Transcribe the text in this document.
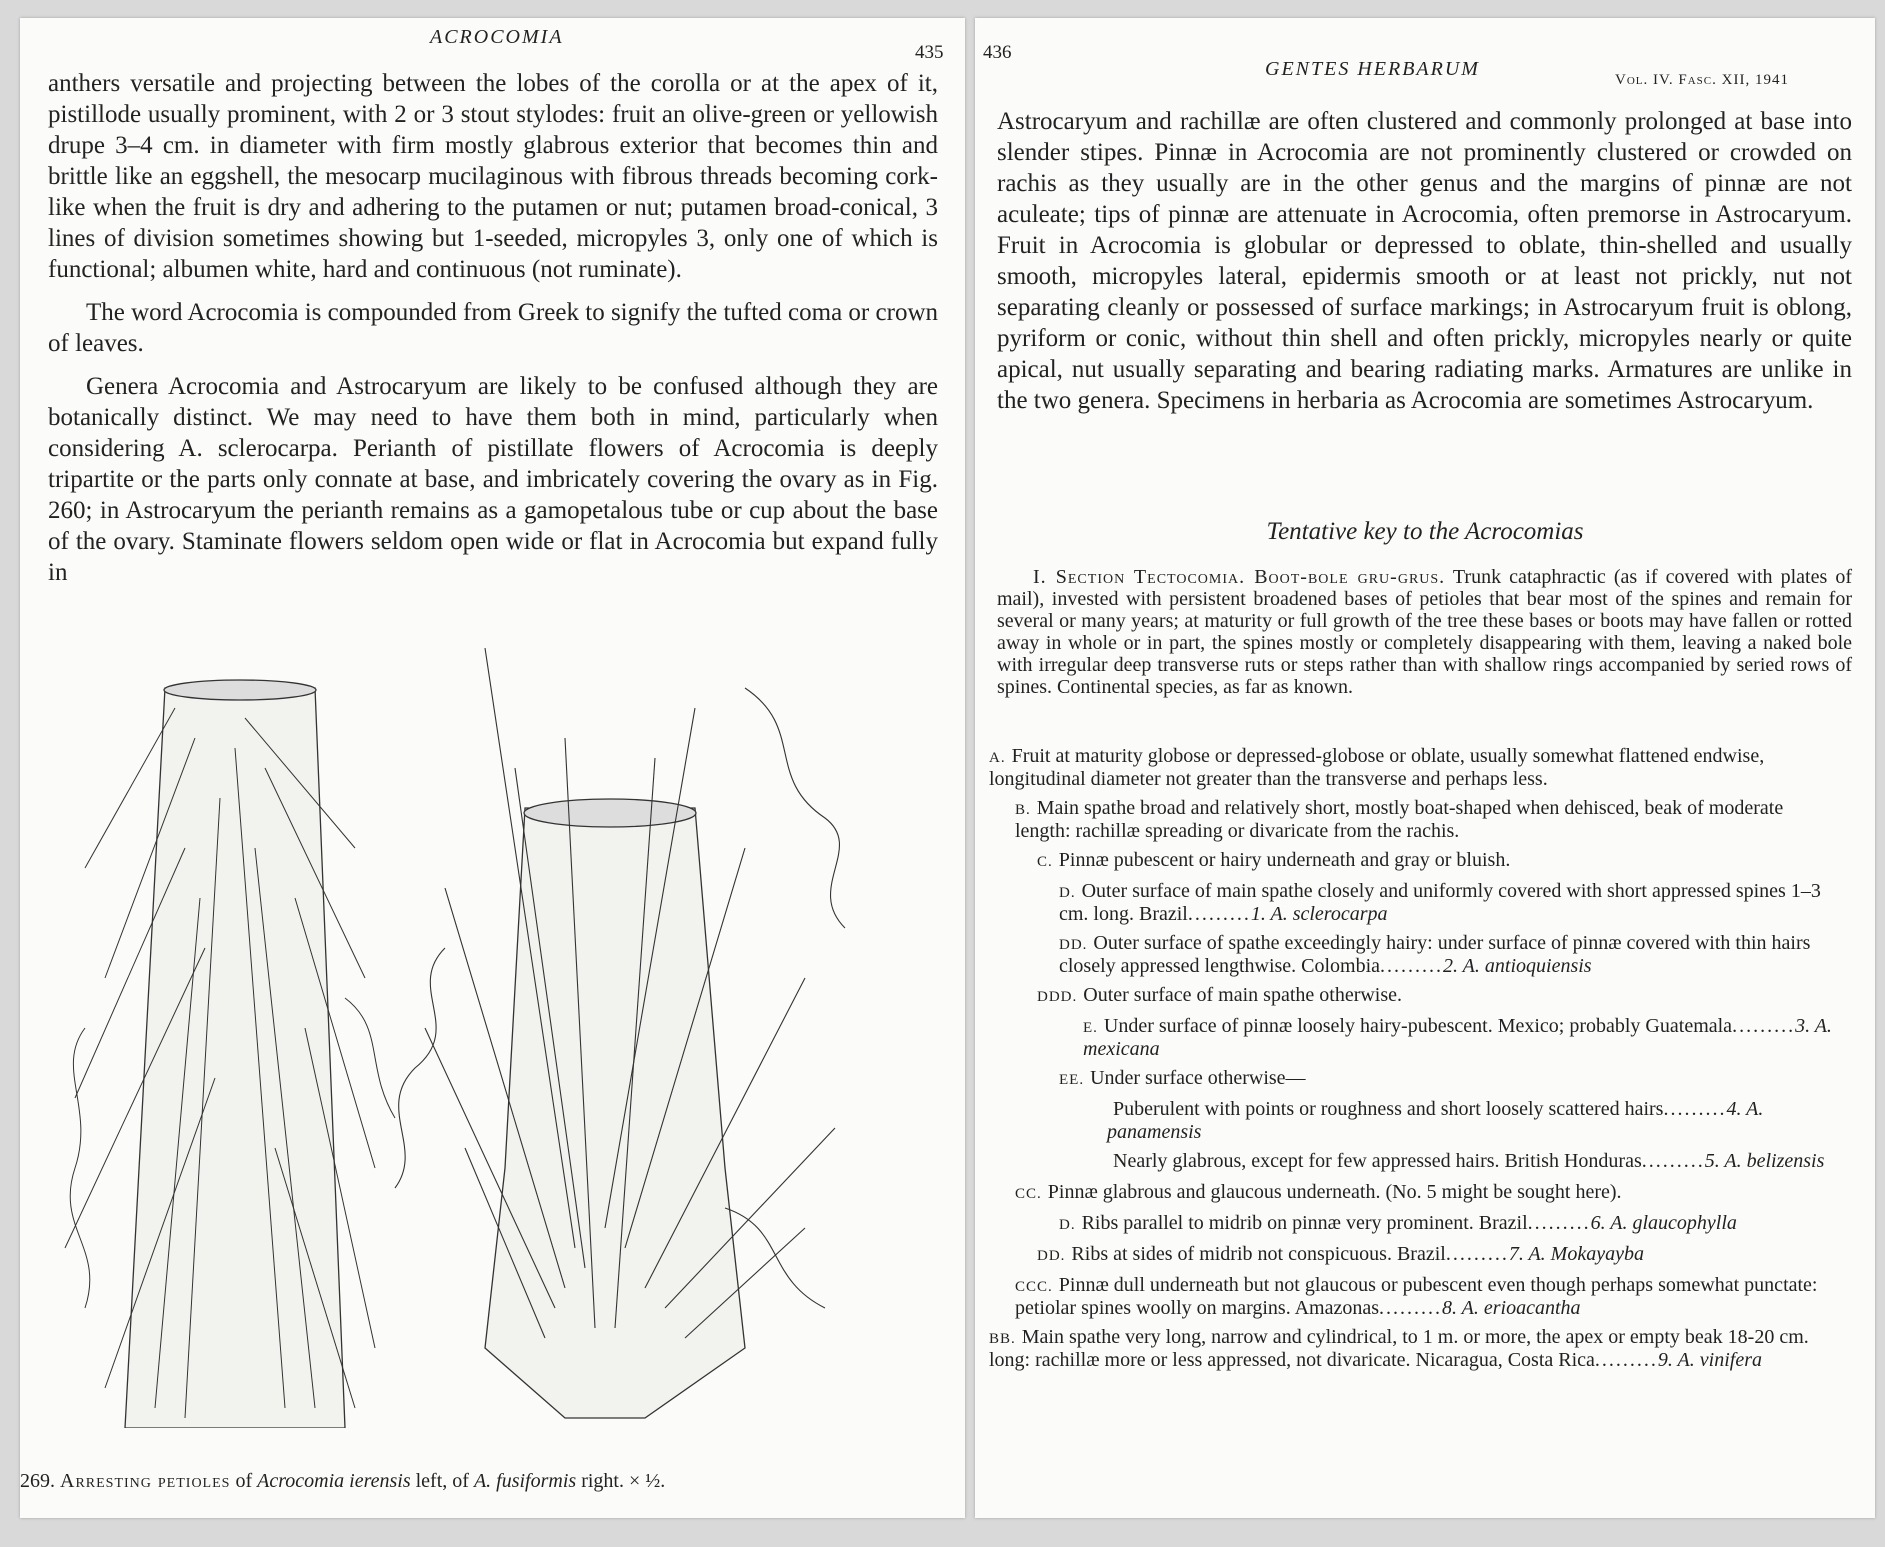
ACROCOMIA
435

anthers versatile and projecting between the lobes of the corolla or at the apex of it, pistillode usually prominent, with 2 or 3 stout stylodes: fruit an olive-green or yellowish drupe 3–4 cm. in diameter with firm mostly glabrous exterior that becomes thin and brittle like an eggshell, the mesocarp mucilaginous with fibrous threads becoming cork-like when the fruit is dry and adhering to the putamen or nut; putamen broad-conical, 3 lines of division sometimes showing but 1-seeded, micropyles 3, only one of which is functional; albumen white, hard and continuous (not ruminate).

The word Acrocomia is compounded from Greek to signify the tufted coma or crown of leaves.

Genera Acrocomia and Astrocaryum are likely to be confused although they are botanically distinct. We may need to have them both in mind, particularly when considering A. sclerocarpa. Perianth of pistillate flowers of Acrocomia is deeply tripartite or the parts only connate at base, and imbricately covering the ovary as in Fig. 260; in Astrocaryum the perianth remains as a gamopetalous tube or cup about the base of the ovary. Staminate flowers seldom open wide or flat in Acrocomia but expand fully in

269. Arresting petioles of Acrocomia ierensis left, of A. fusiformis right. × ½.
436
GENTES HERBARUM	Vol. IV. Fasc. XII, 1941

Astrocaryum and rachillæ are often clustered and commonly prolonged at base into slender stipes. Pinnæ in Acrocomia are not prominently clustered or crowded on rachis as they usually are in the other genus and the margins of pinnæ are not aculeate; tips of pinnæ are attenuate in Acrocomia, often premorse in Astrocaryum. Fruit in Acrocomia is globular or depressed to oblate, thin-shelled and usually smooth, micropyles lateral, epidermis smooth or at least not prickly, nut not separating cleanly or possessed of surface markings; in Astrocaryum fruit is oblong, pyriform or conic, without thin shell and often prickly, micropyles nearly or quite apical, nut usually separating and bearing radiating marks. Armatures are unlike in the two genera. Specimens in herbaria as Acrocomia are sometimes Astrocaryum.

Tentative key to the Acrocomias
I. Section Tectocomia. Boot-bole gru-grus. Trunk cataphractic (as if covered with plates of mail), invested with persistent broadened bases of petioles that bear most of the spines and remain for several or many years; at maturity or full growth of the tree these bases or boots may have fallen or rotted away in whole or in part, the spines mostly or completely disappearing with them, leaving a naked bole with irregular deep transverse ruts or steps rather than with shallow rings accompanied by seried rows of spines. Continental species, as far as known.
A. Fruit at maturity globose or depressed-globose or oblate, usually somewhat flattened endwise, longitudinal diameter not greater than the transverse and perhaps less.
B. Main spathe broad and relatively short, mostly boat-shaped when dehisced, beak of moderate length: rachillæ spreading or divaricate from the rachis.
C. Pinnæ pubescent or hairy underneath and gray or bluish.
D. Outer surface of main spathe closely and uniformly covered with short appressed spines 1–3 cm. long. Brazil.........1. A. sclerocarpa
DD. Outer surface of spathe exceedingly hairy: under surface of pinnæ covered with thin hairs closely appressed lengthwise. Colombia.........2. A. antioquiensis
DDD. Outer surface of main spathe otherwise.
E. Under surface of pinnæ loosely hairy-pubescent. Mexico; probably Guatemala.........3. A. mexicana
EE. Under surface otherwise—
Puberulent with points or roughness and short loosely scattered hairs.........4. A. panamensis
Nearly glabrous, except for few appressed hairs. British Honduras.........5. A. belizensis
CC. Pinnæ glabrous and glaucous underneath. (No. 5 might be sought here).
D. Ribs parallel to midrib on pinnæ very prominent. Brazil.........6. A. glaucophylla
DD. Ribs at sides of midrib not conspicuous. Brazil.........7. A. Mokayayba
CCC. Pinnæ dull underneath but not glaucous or pubescent even though perhaps somewhat punctate: petiolar spines woolly on margins. Amazonas.........8. A. erioacantha
BB. Main spathe very long, narrow and cylindrical, to 1 m. or more, the apex or empty beak 18-20 cm. long: rachillæ more or less appressed, not divaricate. Nicaragua, Costa Rica.........9. A. vinifera
